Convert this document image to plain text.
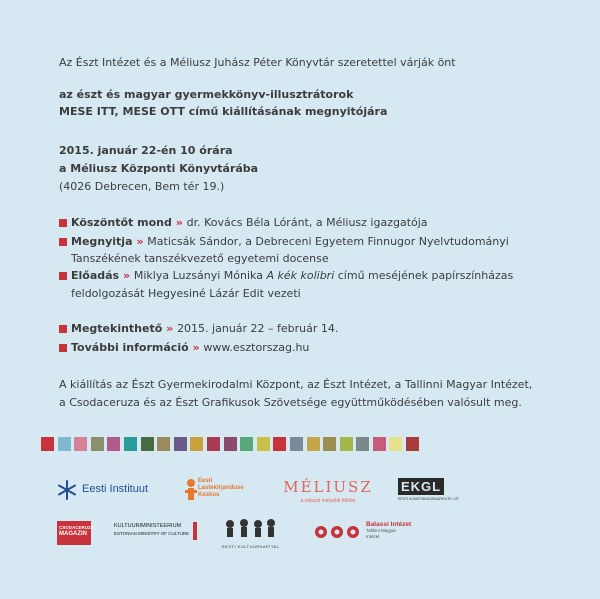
Az Észt Intézet és a Méliusz Juhász Péter Könyvtár szeretettel várják önt
az észt és magyar gyermekkönyv-illusztrátorok
MESE ITT, MESE OTT című kiállításának megnyitójára
2015. január 22-én 10 órára
a Méliusz Központi Könyvtárába
(4026 Debrecen, Bem tér 19.)
Köszöntőt mond » dr. Kovács Béla Lóránt, a Méliusz igazgatója
Megnyitja » Maticsák Sándor, a Debreceni Egyetem Finnugor Nyelvtudományi
Tanszékének tanszékvezető egyetemi docense
Előadás » Miklya Luzsányi Mónika A kék kolibri című meséjének papírszínházas
feldolgozását Hegyesiné Lázár Edit vezeti
Megtekinthető » 2015. január 22 – február 14.
További információ » www.esztorszag.hu
A kiállítás az Észt Gyermekirodalmi Központ, az Észt Intézet, a Tallinni Magyar Intézet,
a Csodaceruza és az Észt Grafikusok Szövetsége együttműködésében valósult meg.
Eesti Instituut
Eesti
Lastekirjanduse
Keskus	MÉLIUSZ
a választ mélyebb fölötte
EKGL
EESTI KUNSTNIKUGRAAFIKUTE LIIT
CSODACERUZA
MAGAZIN
KULTUURIMINISTEERIUM
ESTONIAN MINISTRY OF CULTURE
EESTI KULTUURKAPITAL
Balassi Intézet
Tallinni Magyar
Intézet
